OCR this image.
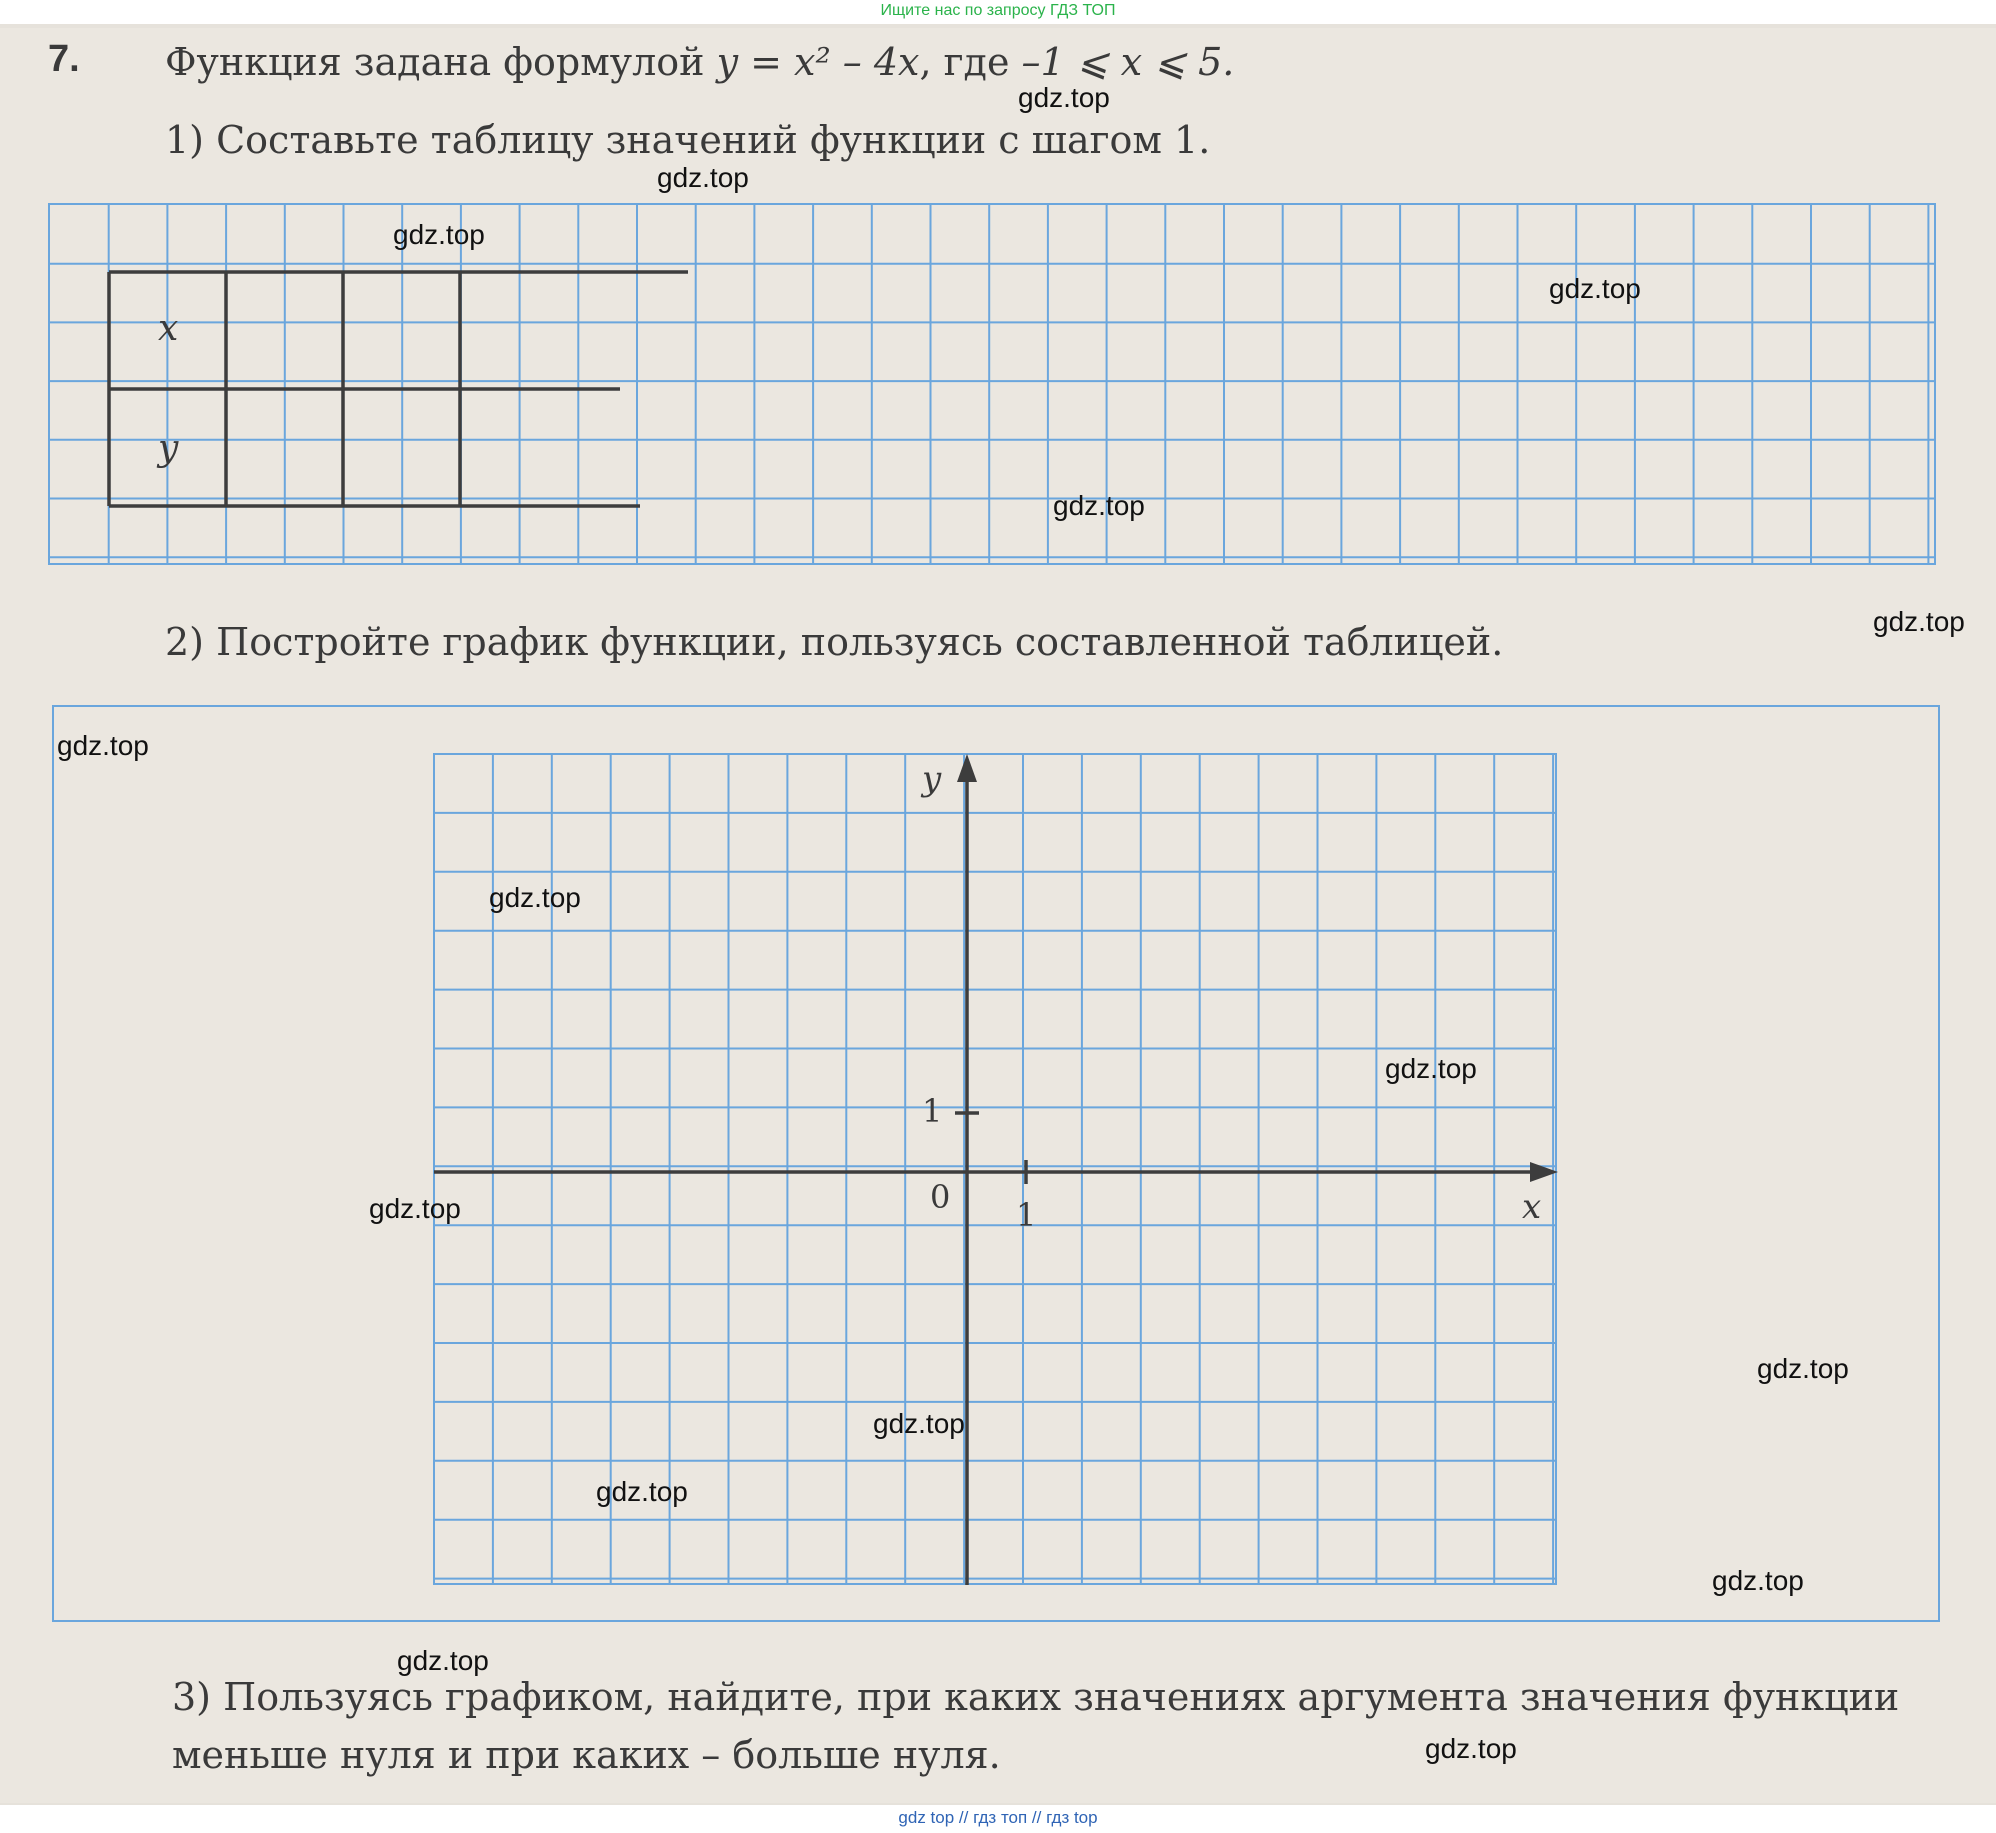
Ищите нас по запросу ГДЗ ТОП
7. Функция задана формулой y = x² – 4x, где –1 ⩽ x ⩽ 5.
1) Составьте таблицу значений функции с шагом 1.
x
y
2) Постройте график функции, пользуясь составленной таблицей.
y
x
0 1
1
3) Пользуясь графиком, найдите, при каких значениях аргумента значения функции меньше нуля и при каких – больше нуля.
gdz.top
gdz.top
gdz.top
gdz.top
gdz.top
gdz.top
gdz.top
gdz.top
gdz.top
gdz.top
gdz.top
gdz.top
gdz.top
gdz.top
gdz.top
gdz.top
gdz top // гдз топ // гдз top
